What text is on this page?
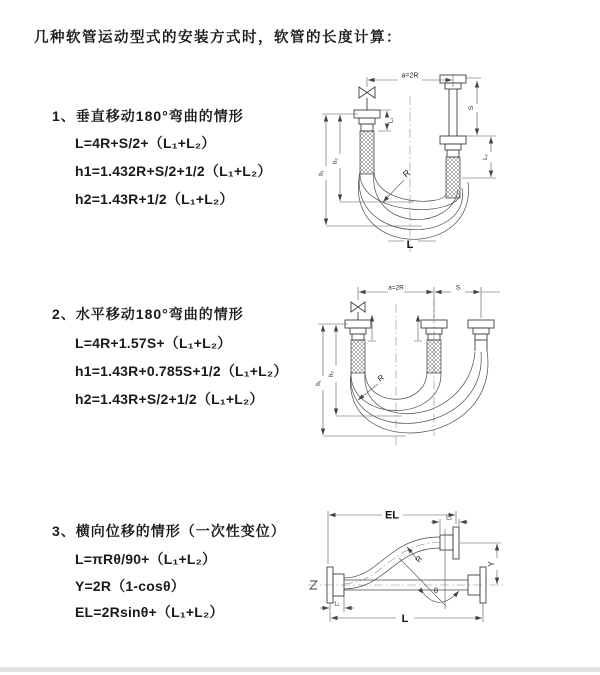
几种软管运动型式的安装方式时，软管的长度计算：
1、垂直移动180°弯曲的情形
L=4R+S/2+（L₁+L₂）
h1=1.432R+S/2+1/2（L₁+L₂）
h2=1.43R+1/2（L₁+L₂）
a=2R
S
L₂
L₁
h₂
h₁	R
L
2、水平移动180°弯曲的情形
L=4R+1.57S+（L₁+L₂）
h1=1.43R+0.785S+1/2（L₁+L₂）
h2=1.43R+S/2+1/2（L₁+L₂）
a=2R	S
h₂
h₁	R
3、横向位移的情形（一次性变位）
L=πRθ/90+（L₁+L₂）
Y=2R（1-cosθ）
EL=2Rsinθ+（L₁+L₂）
θ
EL	L₂
Y
R
L
L₁
